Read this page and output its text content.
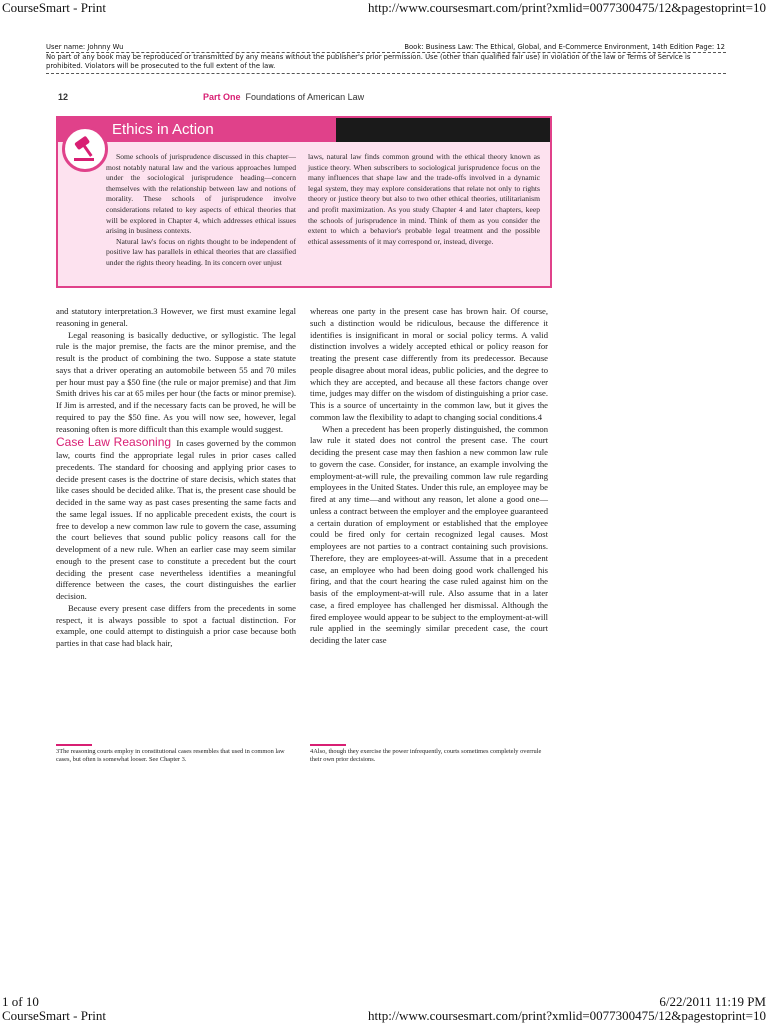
CourseSmart - Print	http://www.coursesmart.com/print?xmlid=0077300475/12&pagestoprint=10
User name: Johnny Wu	Book: Business Law: The Ethical, Global, and E-Commerce Environment, 14th Edition Page: 12
No part of any book may be reproduced or transmitted by any means without the publisher's prior permission. Use (other than qualified fair use) in violation of the law or Terms of Service is prohibited. Violators will be prosecuted to the full extent of the law.
12	Part One Foundations of American Law
Ethics in Action

Some schools of jurisprudence discussed in this chapter—most notably natural law and the various approaches lumped under the sociological jurisprudence heading—concern themselves with the relationship between law and notions of morality. These schools of jurisprudence involve considerations related to key aspects of ethical theories that will be explored in Chapter 4, which addresses ethical issues arising in business contexts.

Natural law's focus on rights thought to be independent of positive law has parallels in ethical theories that are classified under the rights theory heading. In its concern over unjust

laws, natural law finds common ground with the ethical theory known as justice theory. When subscribers to sociological jurisprudence focus on the many influences that shape law and the trade-offs involved in a dynamic legal system, they may explore considerations that relate not only to rights theory or justice theory but also to two other ethical theories, utilitarianism and profit maximization. As you study Chapter 4 and later chapters, keep the schools of jurisprudence in mind. Think of them as you consider the extent to which a behavior's probable legal treatment and the possible ethical assessments of it may correspond or, instead, diverge.

and statutory interpretation.3 However, we first must examine legal reasoning in general.

Legal reasoning is basically deductive, or syllogistic. The legal rule is the major premise, the facts are the minor premise, and the result is the product of combining the two. Suppose a state statute says that a driver operating an automobile between 55 and 70 miles per hour must pay a $50 fine (the rule or major premise) and that Jim Smith drives his car at 65 miles per hour (the facts or minor premise). If Jim is arrested, and if the necessary facts can be proved, he will be required to pay the $50 fine. As you will now see, however, legal reasoning often is more difficult than this example would suggest.

Case Law Reasoning In cases governed by the common law, courts find the appropriate legal rules in prior cases called precedents. The standard for choosing and applying prior cases to decide present cases is the doctrine of stare decisis, which states that like cases should be decided alike. That is, the present case should be decided in the same way as past cases presenting the same facts and the same legal issues. If no applicable precedent exists, the court is free to develop a new common law rule to govern the case, assuming the court believes that sound public policy reasons call for the development of a new rule. When an earlier case may seem similar enough to the present case to constitute a precedent but the court deciding the present case nevertheless identifies a meaningful difference between the cases, the court distinguishes the earlier decision.

Because every present case differs from the precedents in some respect, it is always possible to spot a factual distinction. For example, one could attempt to distinguish a prior case because both parties in that case had black hair,

whereas one party in the present case has brown hair. Of course, such a distinction would be ridiculous, because the difference it identifies is insignificant in moral or social policy terms. A valid distinction involves a widely accepted ethical or policy reason for treating the present case differently from its predecessor. Because people disagree about moral ideas, public policies, and the degree to which they are accepted, and because all these factors change over time, judges may differ on the wisdom of distinguishing a prior case. This is a source of uncertainty in the common law, but it gives the common law the flexibility to adapt to changing social conditions.4

When a precedent has been properly distinguished, the common law rule it stated does not control the present case. The court deciding the present case may then fashion a new common law rule to govern the case. Consider, for instance, an example involving the employment-at-will rule, the prevailing common law rule regarding employees in the United States. Under this rule, an employee may be fired at any time—and without any reason, let alone a good one—unless a contract between the employer and the employee guaranteed a certain duration of employment or established that the employee could be fired only for certain recognized legal causes. Most employees are not parties to a contract containing such provisions. Therefore, they are employees-at-will. Assume that in a precedent case, an employee who had been doing good work challenged his firing, and that the court hearing the case ruled against him on the basis of the employment-at-will rule. Also assume that in a later case, a fired employee has challenged her dismissal. Although the fired employee would appear to be subject to the employment-at-will rule applied in the seemingly similar precedent case, the court deciding the later case

3The reasoning courts employ in constitutional cases resembles that used in common law cases, but often is somewhat looser. See Chapter 3.
4Also, though they exercise the power infrequently, courts sometimes completely overrule their own prior decisions.
1 of 10	6/22/2011 11:19 PM
CourseSmart - Print	http://www.coursesmart.com/print?xmlid=0077300475/12&pagestoprint=10
